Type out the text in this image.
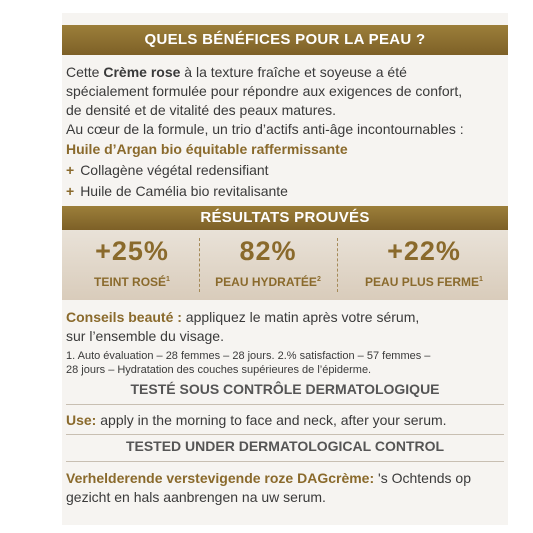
QUELS BÉNÉFICES POUR LA PEAU ?
Cette Crème rose à la texture fraîche et soyeuse a été
spécialement formulée pour répondre aux exigences de confort,
de densité et de vitalité des peaux matures.
Au cœur de la formule, un trio d’actifs anti-âge incontournables :
Huile d’Argan bio équitable raffermissante
+ Collagène végétal redensifiant
+ Huile de Camélia bio revitalisante
RÉSULTATS PROUVÉS
+25%
TEINT ROSÉ$^1$
82%
PEAU $HYDRATÉE^2$
+22%
PEAU PLUS FERME$^1$
Conseils beauté : appliquez le matin après votre sérum,
sur l’ensemble du visage.
1. Auto évaluation – 28 femmes – 28 jours. 2.% satisfaction – 57 femmes –
28 jours – Hydratation des couches supérieures de l’épiderme.
TESTÉ SOUS CONTRÔLE DERMATOLOGIQUE
Use: apply in the morning to face and neck, after your serum.
TESTED UNDER DERMATOLOGICAL CONTROL
Verhelderende verstevigende roze DAGcrème: 's Ochtends op
gezicht en hals aanbrengen na uw serum.
